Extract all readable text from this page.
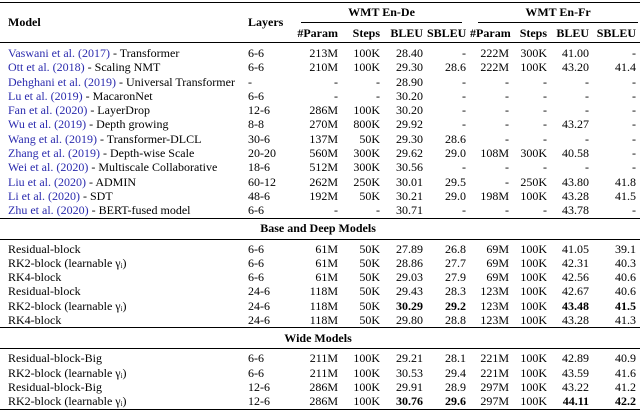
Model	Layers	WMT En-De				WMT En-Fr			

		#Param	Steps	BLEU	SBLEU	#Param	Steps	BLEU	SBLEU
Vaswani et al. (2017) - Transformer	6-6	213M	100K	28.40	-	222M	300K	41.00	-
Ott et al. (2018) - Scaling NMT	6-6	210M	100K	29.30	28.6	222M	100K	43.20	41.4
Dehghani et al. (2019) - Universal Transformer	-	-	-	28.90	-	-	-	-	-
Lu et al. (2019) - MacaronNet	6-6	-	-	30.20	-	-	-	-	-
Fan et al. (2020) - LayerDrop	12-6	286M	100K	30.20	-	-	-	-	-
Wu et al. (2019) - Depth growing	8-8	270M	800K	29.92	-	-	-	43.27	-
Wang et al. (2019) - Transformer-DLCL	30-6	137M	50K	29.30	28.6	-	-	-	-
Zhang et al. (2019) - Depth-wise Scale	20-20	560M	300K	29.62	29.0	108M	300K	40.58	-
Wei et al. (2020) - Multiscale Collaborative	18-6	512M	300K	30.56	-	-	-	-	-
Liu et al. (2020) - ADMIN	60-12	262M	250K	30.01	29.5	-	250K	43.80	41.8
Li et al. (2020) - SDT	48-6	192M	50K	30.21	29.0	198M	100K	43.28	41.5
Zhu et al. (2020) - BERT-fused model	6-6	-	-	30.71	-	-	-	43.78	-
Base and Deep Models									
Residual-block	6-6	61M	50K	27.89	26.8	69M	100K	41.05	39.1
RK2-block (learnable γᵢ)	6-6	61M	50K	28.86	27.7	69M	100K	42.31	40.3
RK4-block	6-6	61M	50K	29.03	27.9	69M	100K	42.56	40.6
Residual-block	24-6	118M	50K	29.43	28.3	123M	100K	42.67	40.6
RK2-block (learnable γᵢ)	24-6	118M	50K	30.29	29.2	123M	100K	43.48	41.5
RK4-block	24-6	118M	50K	29.80	28.8	123M	100K	43.28	41.3
Wide Models									
Residual-block-Big	6-6	211M	100K	29.21	28.1	221M	100K	42.89	40.9
RK2-block (learnable γᵢ)	6-6	211M	100K	30.53	29.4	221M	100K	43.59	41.6
Residual-block-Big	12-6	286M	100K	29.91	28.9	297M	100K	43.22	41.2
RK2-block (learnable γᵢ)	12-6	286M	100K	30.76	29.6	297M	100K	44.11	42.2
